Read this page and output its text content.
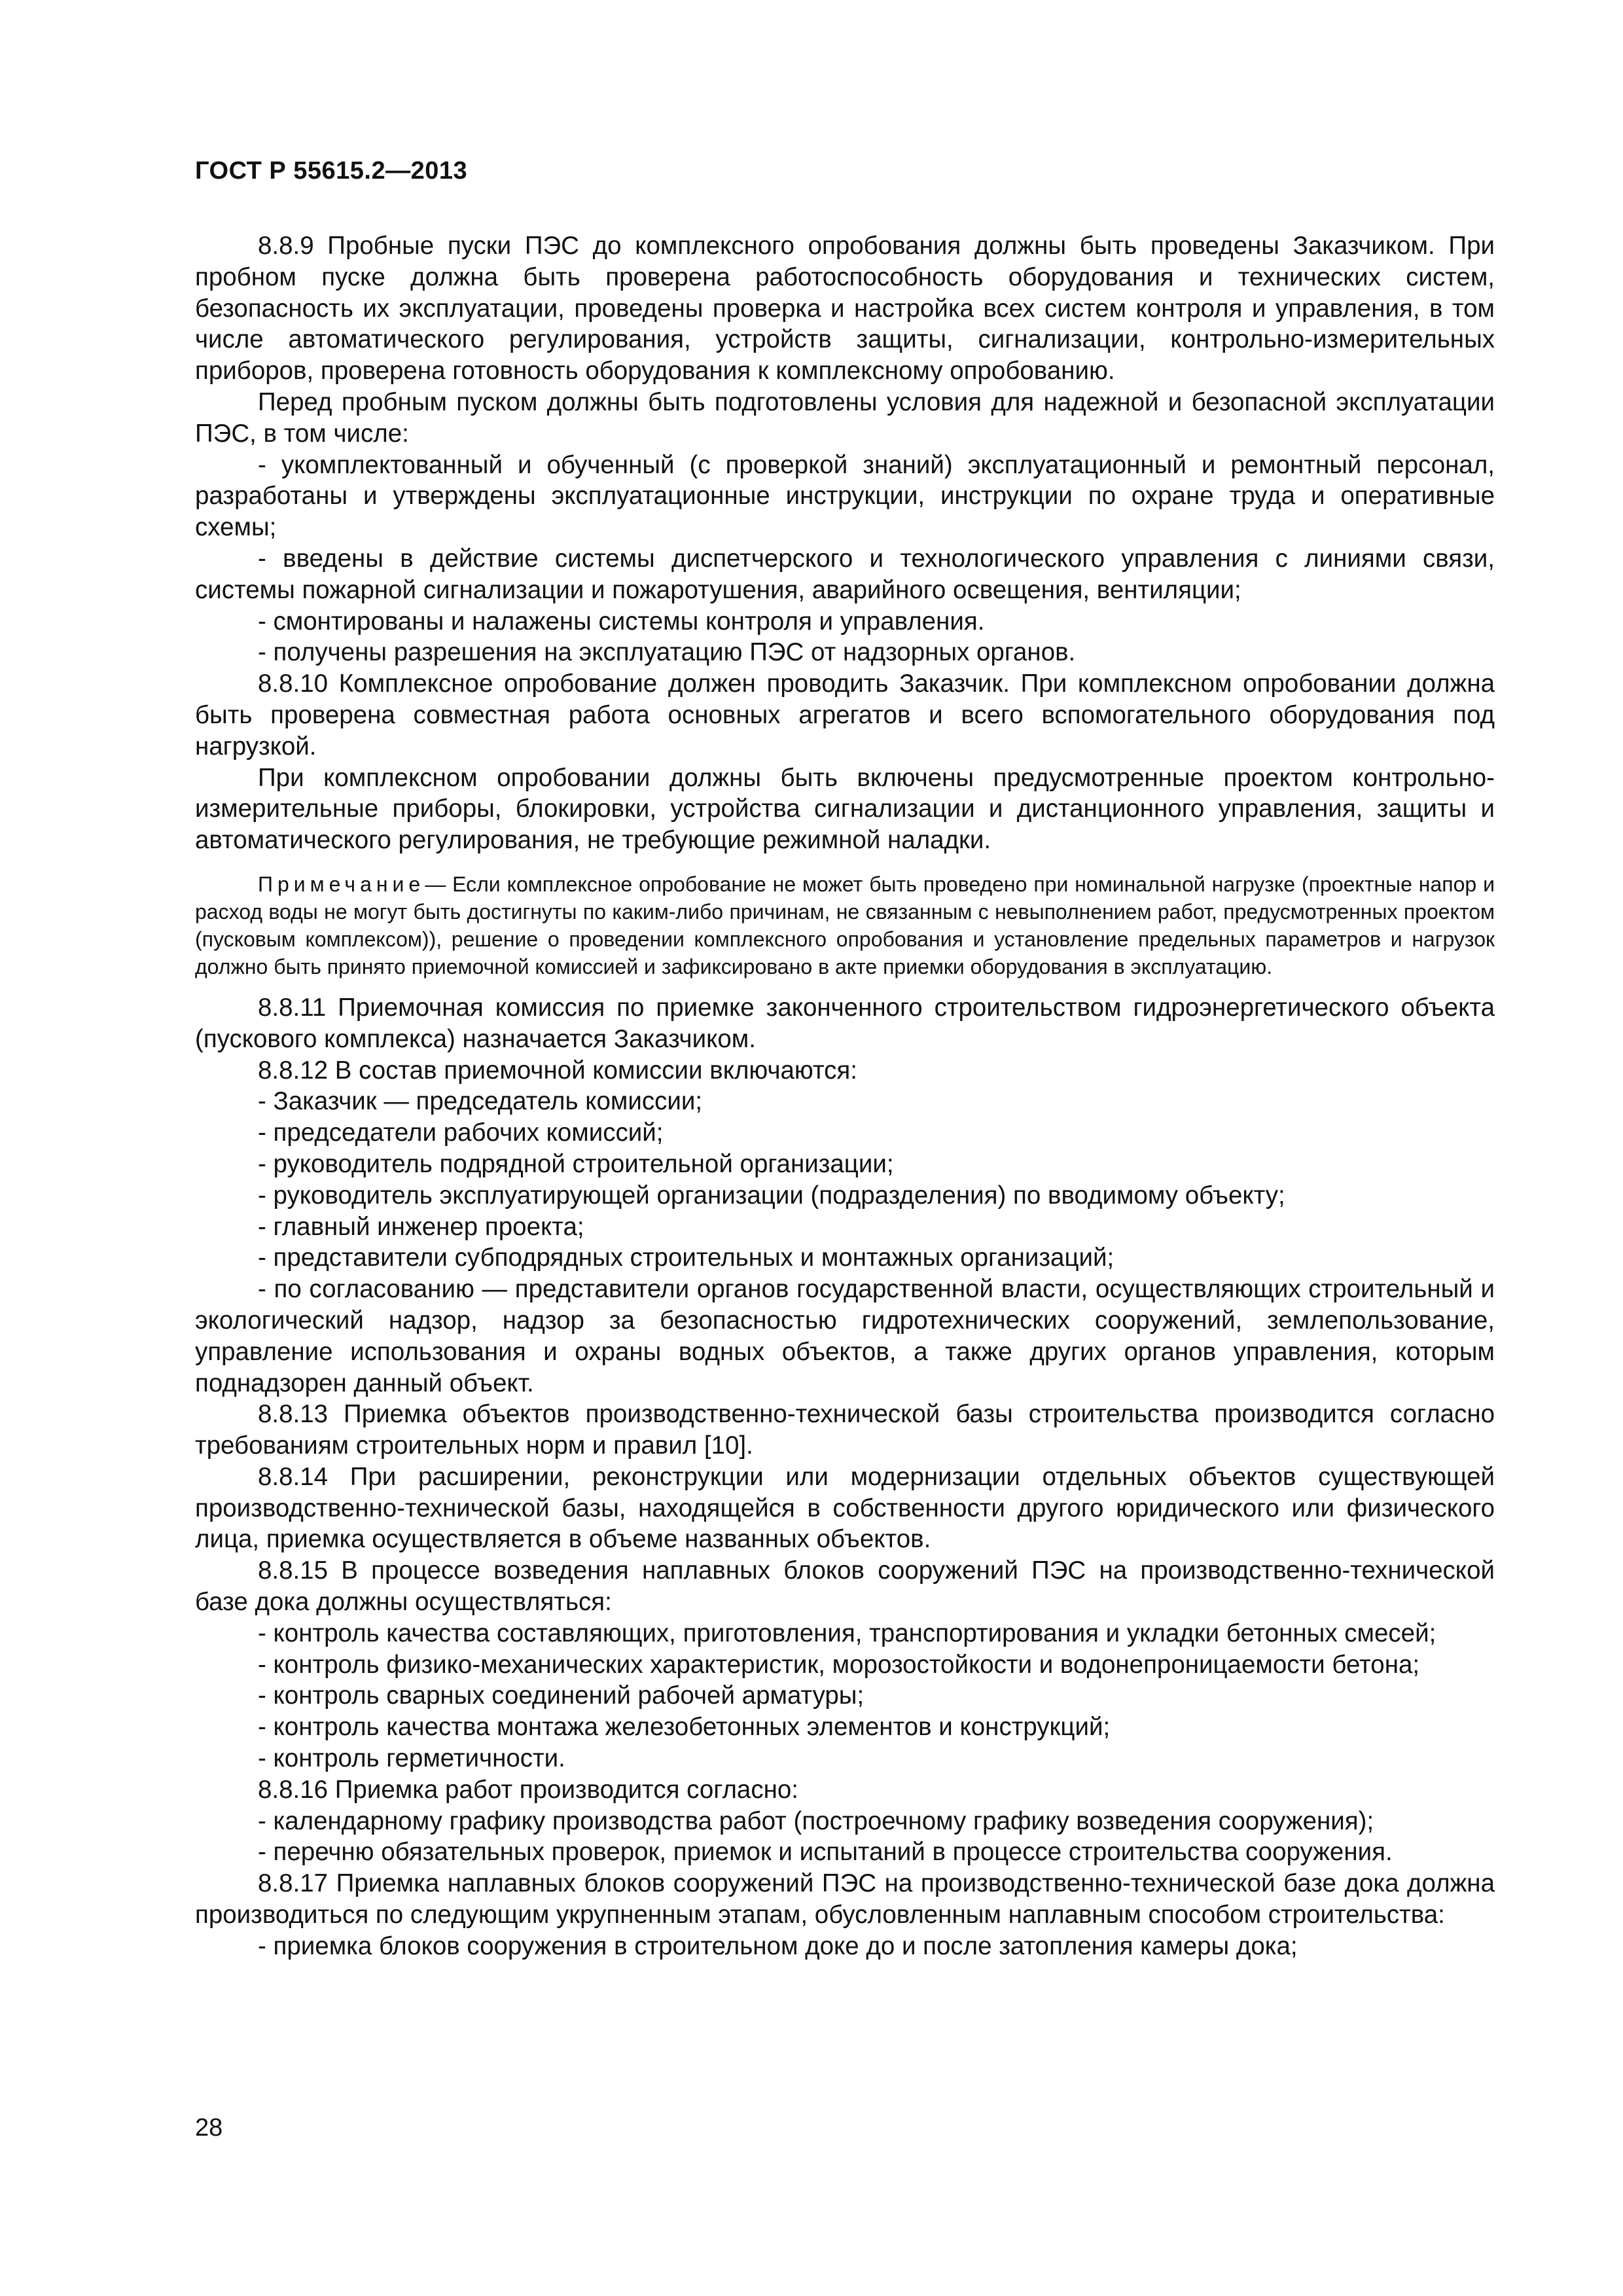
ГОСТ Р 55615.2—2013

8.8.9 Пробные пуски ПЭС до комплексного опробования должны быть проведены Заказчиком. При пробном пуске должна быть проверена работоспособность оборудования и технических систем, безопасность их эксплуатации, проведены проверка и настройка всех систем контроля и управления, в том числе автоматического регулирования, устройств защиты, сигнализации, контрольно-измерительных приборов, проверена готовность оборудования к комплексному опробованию.

Перед пробным пуском должны быть подготовлены условия для надежной и безопасной эксплуатации ПЭС, в том числе:

- укомплектованный и обученный (с проверкой знаний) эксплуатационный и ремонтный персонал, разработаны и утверждены эксплуатационные инструкции, инструкции по охране труда и оперативные схемы;

- введены в действие системы диспетчерского и технологического управления с линиями связи, системы пожарной сигнализации и пожаротушения, аварийного освещения, вентиляции;

- смонтированы и налажены системы контроля и управления.

- получены разрешения на эксплуатацию ПЭС от надзорных органов.

8.8.10 Комплексное опробование должен проводить Заказчик. При комплексном опробовании должна быть проверена совместная работа основных агрегатов и всего вспомогательного оборудования под нагрузкой.

При комплексном опробовании должны быть включены предусмотренные проектом контрольно-измерительные приборы, блокировки, устройства сигнализации и дистанционного управления, защиты и автоматического регулирования, не требующие режимной наладки.

Примечание— Если комплексное опробование не может быть проведено при номинальной нагрузке (проектные напор и расход воды не могут быть достигнуты по каким-либо причинам, не связанным с невыполнением работ, предусмотренных проектом (пусковым комплексом)), решение о проведении комплексного опробования и установление предельных параметров и нагрузок должно быть принято приемочной комиссией и зафиксировано в акте приемки оборудования в эксплуатацию.

8.8.11 Приемочная комиссия по приемке законченного строительством гидроэнергетического объекта (пускового комплекса) назначается Заказчиком.

8.8.12 В состав приемочной комиссии включаются:

- Заказчик — председатель комиссии;

- председатели рабочих комиссий;

- руководитель подрядной строительной организации;

- руководитель эксплуатирующей организации (подразделения) по вводимому объекту;

- главный инженер проекта;

- представители субподрядных строительных и монтажных организаций;

- по согласованию — представители органов государственной власти, осуществляющих строительный и экологический надзор, надзор за безопасностью гидротехнических сооружений, землепользование, управление использования и охраны водных объектов, а также других органов управления, которым поднадзорен данный объект.

8.8.13 Приемка объектов производственно-технической базы строительства производится согласно требованиям строительных норм и правил [10].

8.8.14 При расширении, реконструкции или модернизации отдельных объектов существующей производственно-технической базы, находящейся в собственности другого юридического или физического лица, приемка осуществляется в объеме названных объектов.

8.8.15 В процессе возведения наплавных блоков сооружений ПЭС на производственно-технической базе дока должны осуществляться:

- контроль качества составляющих, приготовления, транспортирования и укладки бетонных смесей;

- контроль физико-механических характеристик, морозостойкости и водонепроницаемости бетона;

- контроль сварных соединений рабочей арматуры;

- контроль качества монтажа железобетонных элементов и конструкций;

- контроль герметичности.

8.8.16 Приемка работ производится согласно:

- календарному графику производства работ (построечному графику возведения сооружения);

- перечню обязательных проверок, приемок и испытаний в процессе строительства сооружения.

8.8.17 Приемка наплавных блоков сооружений ПЭС на производственно-технической базе дока должна производиться по следующим укрупненным этапам, обусловленным наплавным способом строительства:

- приемка блоков сооружения в строительном доке до и после затопления камеры дока;

28
